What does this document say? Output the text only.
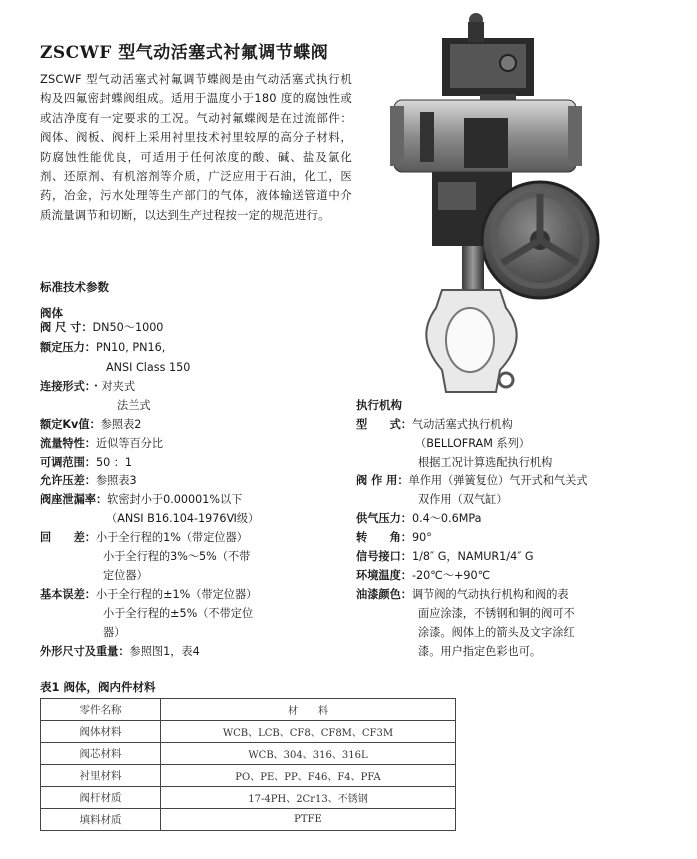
ZSCWF 型气动活塞式衬氟调节蝶阀
ZSCWF 型气动活塞式衬氟调节蝶阀是由气动活塞式执行机构及四氟密封蝶阀组成。适用于温度小于180 度的腐蚀性或或洁净度有一定要求的工况。气动衬氟蝶阀是在过流部件：阀体、阀板、阀杆上采用衬里技术衬里较厚的高分子材料，防腐蚀性能优良，可适用于任何浓度的酸、碱、盐及氯化剂、还原剂、有机溶剂等介质，广泛应用于石油，化工，医药，冶金，污水处理等生产部门的气体，液体输送管道中介质流量调节和切断，以达到生产过程按一定的规范进行。
标准技术参数
阀体
阀 尺 寸：DN50～1000
额定压力：PN10, PN16,
ANSI Class 150
连接形式：・对夹式
法兰式
额定Kv值：参照表2
流量特性：近似等百分比
可调范围：50 ：1
允许压差：参照表3
阀座泄漏率：软密封小于0.00001%以下
（ANSI B16.104-1976Ⅵ级）
回　　差：小于全行程的1%（带定位器）
小于全行程的3%～5%（不带
定位器）
基本误差：小于全行程的±1%（带定位器）
小于全行程的±5%（不带定位
器）
外形尺寸及重量：参照图1，表4
执行机构
型　　式：气动活塞式执行机构
（BELLOFRAM 系列）
根据工况计算选配执行机构
阀 作 用：单作用（弹簧复位）气开式和气关式
双作用（双气缸）
供气压力：0.4～0.6MPa
转　　角：90°
信号接口：1/8″ G，NAMUR1/4″ G
环境温度：-20℃～+90℃
油漆颜色：调节阀的气动执行机构和阀的表
面应涂漆，不锈钢和铜的阀可不
涂漆。阀体上的箭头及文字涂红
漆。用户指定色彩也可。
表1 阀体，阀内件材料
零件名称	材　　料
阀体材料	WCB、LCB、CF8、CF8M、CF3M
阀芯材料	WCB、304、316、316L
衬里材料	PO、PE、PP、F46、F4、PFA
阀杆材质	17-4PH、2Cr13、不锈钢
填料材质	PTFE
